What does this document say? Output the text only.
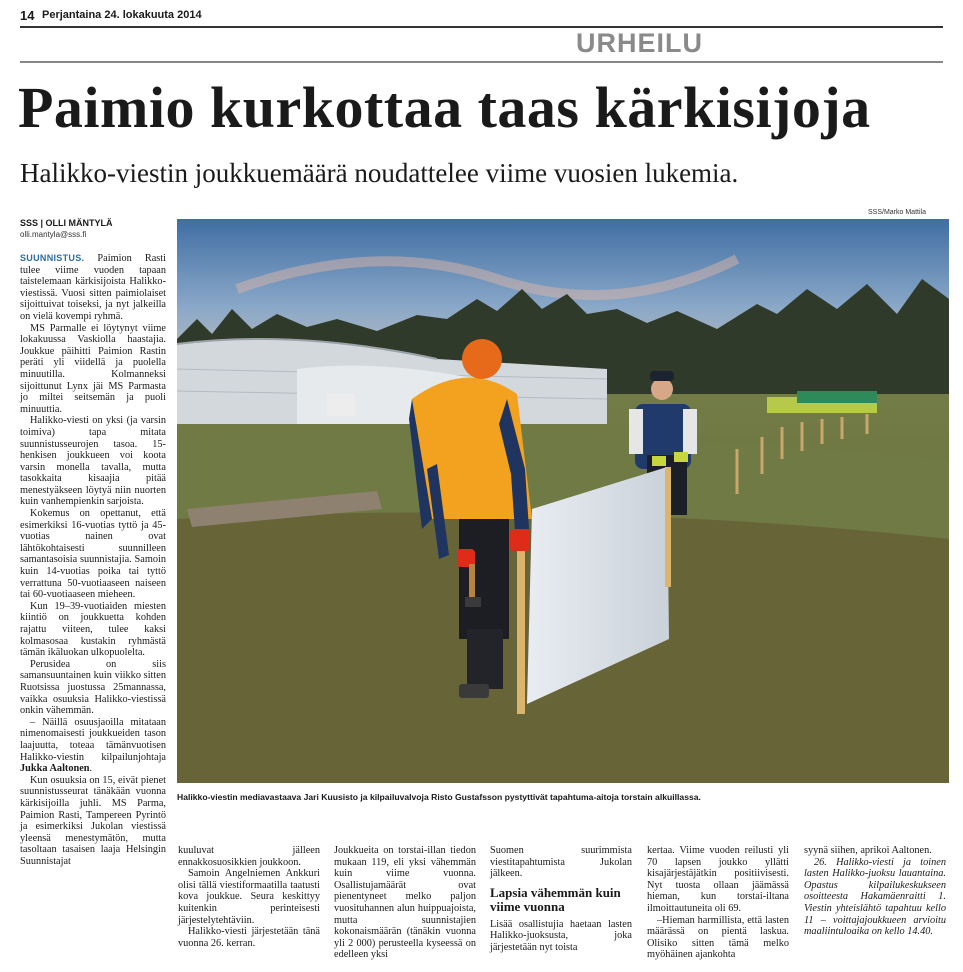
14 Perjantaina 24. lokakuuta 2014
URHEILU
Paimio kurkottaa taas kärkisijoja
Halikko-viestin joukkuemäärä noudattelee viime vuosien lukemia.
SSS | OLLI MÄNTYLÄ
olli.mantyla@sss.fi
SSS/Marko Mattila
Halikko-viestin mediavastaava Jari Kuusisto ja kilpailuvalvoja Risto Gustafsson pystyttivät tapahtuma-aitoja torstain alkuillassa.

SUUNNISTUS. Paimion Rasti tulee viime vuoden tapaan taistelemaan kärkisijoista Halikko-viestissä. Vuosi sitten paimiolaiset sijoittuivat toiseksi, ja nyt jalkeilla on vielä kovempi ryhmä.

MS Parmalle ei löytynyt viime lokakuussa Vaskiolla haastajia. Joukkue päihitti Paimion Rastin peräti yli viidellä ja puolella minuutilla. Kolmanneksi sijoittunut Lynx jäi MS Parmasta jo miltei seitsemän ja puoli minuuttia.

Halikko-viesti on yksi (ja varsin toimiva) tapa mitata suunnistusseurojen tasoa. 15-henkisen joukkueen voi koota varsin monella tavalla, mutta tasokkaita kisaajia pitää menestyäkseen löytyä niin nuorten kuin vanhempienkin sarjoista.

Kokemus on opettanut, että esimerkiksi 16-vuotias tyttö ja 45-vuotias nainen ovat lähtökohtaisesti suunnilleen samantasoisia suunnistajia. Samoin kuin 14-vuotias poika tai tyttö verrattuna 50-vuotiaaseen naiseen tai 60-vuotiaaseen mieheen.

Kun 19–39-vuotiaiden miesten kiintiö on joukkuetta kohden rajattu viiteen, tulee kaksi kolmasosaa kustakin ryhmästä tämän ikäluokan ulkopuolelta.

Perusidea on siis samansuuntainen kuin viikko sitten Ruotsissa juostussa 25mannassa, vaikka osuuksia Halikko-viestissä onkin vähemmän.

– Näillä osuusjaoilla mitataan nimenomaisesti joukkueiden tason laajuutta, toteaa tämänvuotisen Halikko-viestin kilpailunjohtaja Jukka Aaltonen.

Kun osuuksia on 15, eivät pienet suunnistusseurat tänäkään vuonna kärkisijoilla juhli. MS Parma, Paimion Rasti, Tampereen Pyrintö ja esimerkiksi Jukolan viestissä yleensä menestymätön, mutta tasoltaan tasaisen laaja Helsingin Suunnistajat

kuuluvat jälleen ennakkosuosikkien joukkoon.

Samoin Angelniemen Ankkuri olisi tällä viestiformaatilla taatusti kova joukkue. Seura keskittyy kuitenkin perinteisesti järjestelytehtäviin.

Halikko-viesti järjestetään tänä vuonna 26. kerran.

Joukkueita on torstai-illan tiedon mukaan 119, eli yksi vähemmän kuin viime vuonna. Osallistujamäärät ovat pienentyneet melko paljon vuosituhannen alun huippuajoista, mutta suunnistajien kokonaismäärän (tänäkin vuonna yli 2 000) perusteella kyseessä on edelleen yksi

Suomen suurimmista viestitapahtumista Jukolan jälkeen.

Lapsia vähemmän kuin viime vuonna

Lisää osallistujia haetaan lasten Halikko-juoksusta, joka järjestetään nyt toista

kertaa. Viime vuoden reilusti yli 70 lapsen joukko yllätti kisajärjestäjätkin positiivisesti. Nyt tuosta ollaan jäämässä hieman, kun torstai-iltana ilmoittautuneita oli 69.

–Hieman harmillista, että lasten määrässä on pientä laskua. Olisiko sitten tämä melko myöhäinen ajankohta

syynä siihen, aprikoi Aaltonen.

26. Halikko-viesti ja toinen lasten Halikko-juoksu lauantaina. Opastus kilpailukeskukseen osoitteesta Hakamäenraitti 1. Viestin yhteislähtö tapahtuu kello 11 – voittajajoukkueen arvioitu maaliintuloaika on kello 14.40.
